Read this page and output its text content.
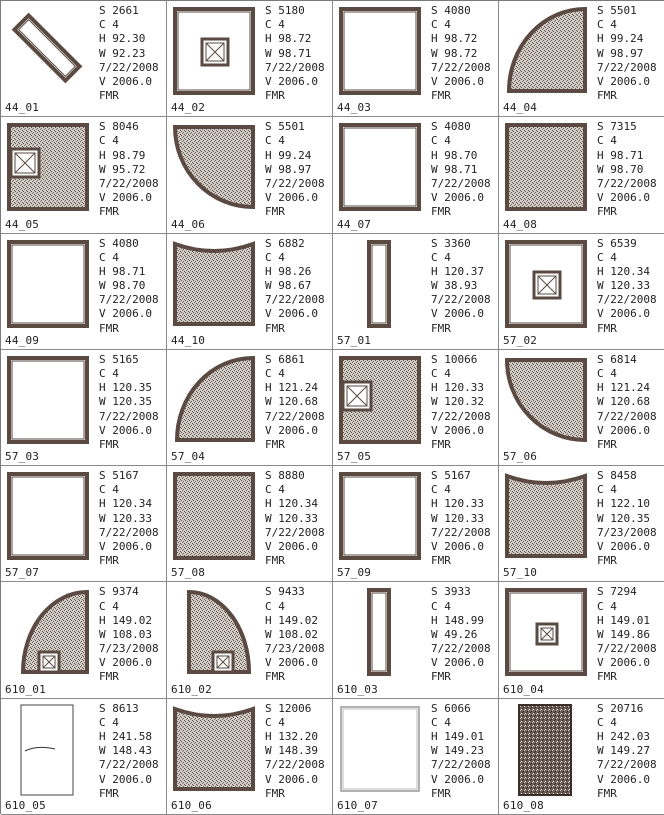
S 2661
C 4
H 92.30
W 92.23
7/22/2008
V 2006.0
FMR
44_01
S 5180
C 4
H 98.72
W 98.71
7/22/2008
V 2006.0
FMR
44_02
S 4080
C 4
H 98.72
W 98.72
7/22/2008
V 2006.0
FMR
44_03
S 5501
C 4
H 99.24
W 98.97
7/22/2008
V 2006.0
FMR
44_04
S 8046
C 4
H 98.79
W 95.72
7/22/2008
V 2006.0
FMR
44_05
S 5501
C 4
H 99.24
W 98.97
7/22/2008
V 2006.0
FMR
44_06
S 4080
C 4
H 98.70
W 98.71
7/22/2008
V 2006.0
FMR
44_07
S 7315
C 4
H 98.71
W 98.70
7/22/2008
V 2006.0
FMR
44_08
S 4080
C 4
H 98.71
W 98.70
7/22/2008
V 2006.0
FMR
44_09
S 6882
C 4
H 98.26
W 98.67
7/22/2008
V 2006.0
FMR
44_10
S 3360
C 4
H 120.37
W 38.93
7/22/2008
V 2006.0
FMR
57_01
S 6539
C 4
H 120.34
W 120.33
7/22/2008
V 2006.0
FMR
57_02
S 5165
C 4
H 120.35
W 120.35
7/22/2008
V 2006.0
FMR
57_03
S 6861
C 4
H 121.24
W 120.68
7/22/2008
V 2006.0
FMR
57_04
S 10066
C 4
H 120.33
W 120.32
7/22/2008
V 2006.0
FMR
57_05
S 6814
C 4
H 121.24
W 120.68
7/22/2008
V 2006.0
FMR
57_06
S 5167
C 4
H 120.34
W 120.33
7/22/2008
V 2006.0
FMR
57_07
S 8880
C 4
H 120.34
W 120.33
7/22/2008
V 2006.0
FMR
57_08
S 5167
C 4
H 120.33
W 120.33
7/22/2008
V 2006.0
FMR
57_09
S 8458
C 4
H 122.10
W 120.35
7/23/2008
V 2006.0
FMR
57_10
S 9374
C 4
H 149.02
W 108.03
7/23/2008
V 2006.0
FMR
610_01
S 9433
C 4
H 149.02
W 108.02
7/23/2008
V 2006.0
FMR
610_02
S 3933
C 4
H 148.99
W 49.26
7/22/2008
V 2006.0
FMR
610_03
S 7294
C 4
H 149.01
W 149.86
7/22/2008
V 2006.0
FMR
610_04
S 8613
C 4
H 241.58
W 148.43
7/22/2008
V 2006.0
FMR
610_05
S 12006
C 4
H 132.20
W 148.39
7/22/2008
V 2006.0
FMR
610_06
S 6066
C 4
H 149.01
W 149.23
7/22/2008
V 2006.0
FMR
610_07
S 20716
C 4
H 242.03
W 149.27
7/22/2008
V 2006.0
FMR
610_08
